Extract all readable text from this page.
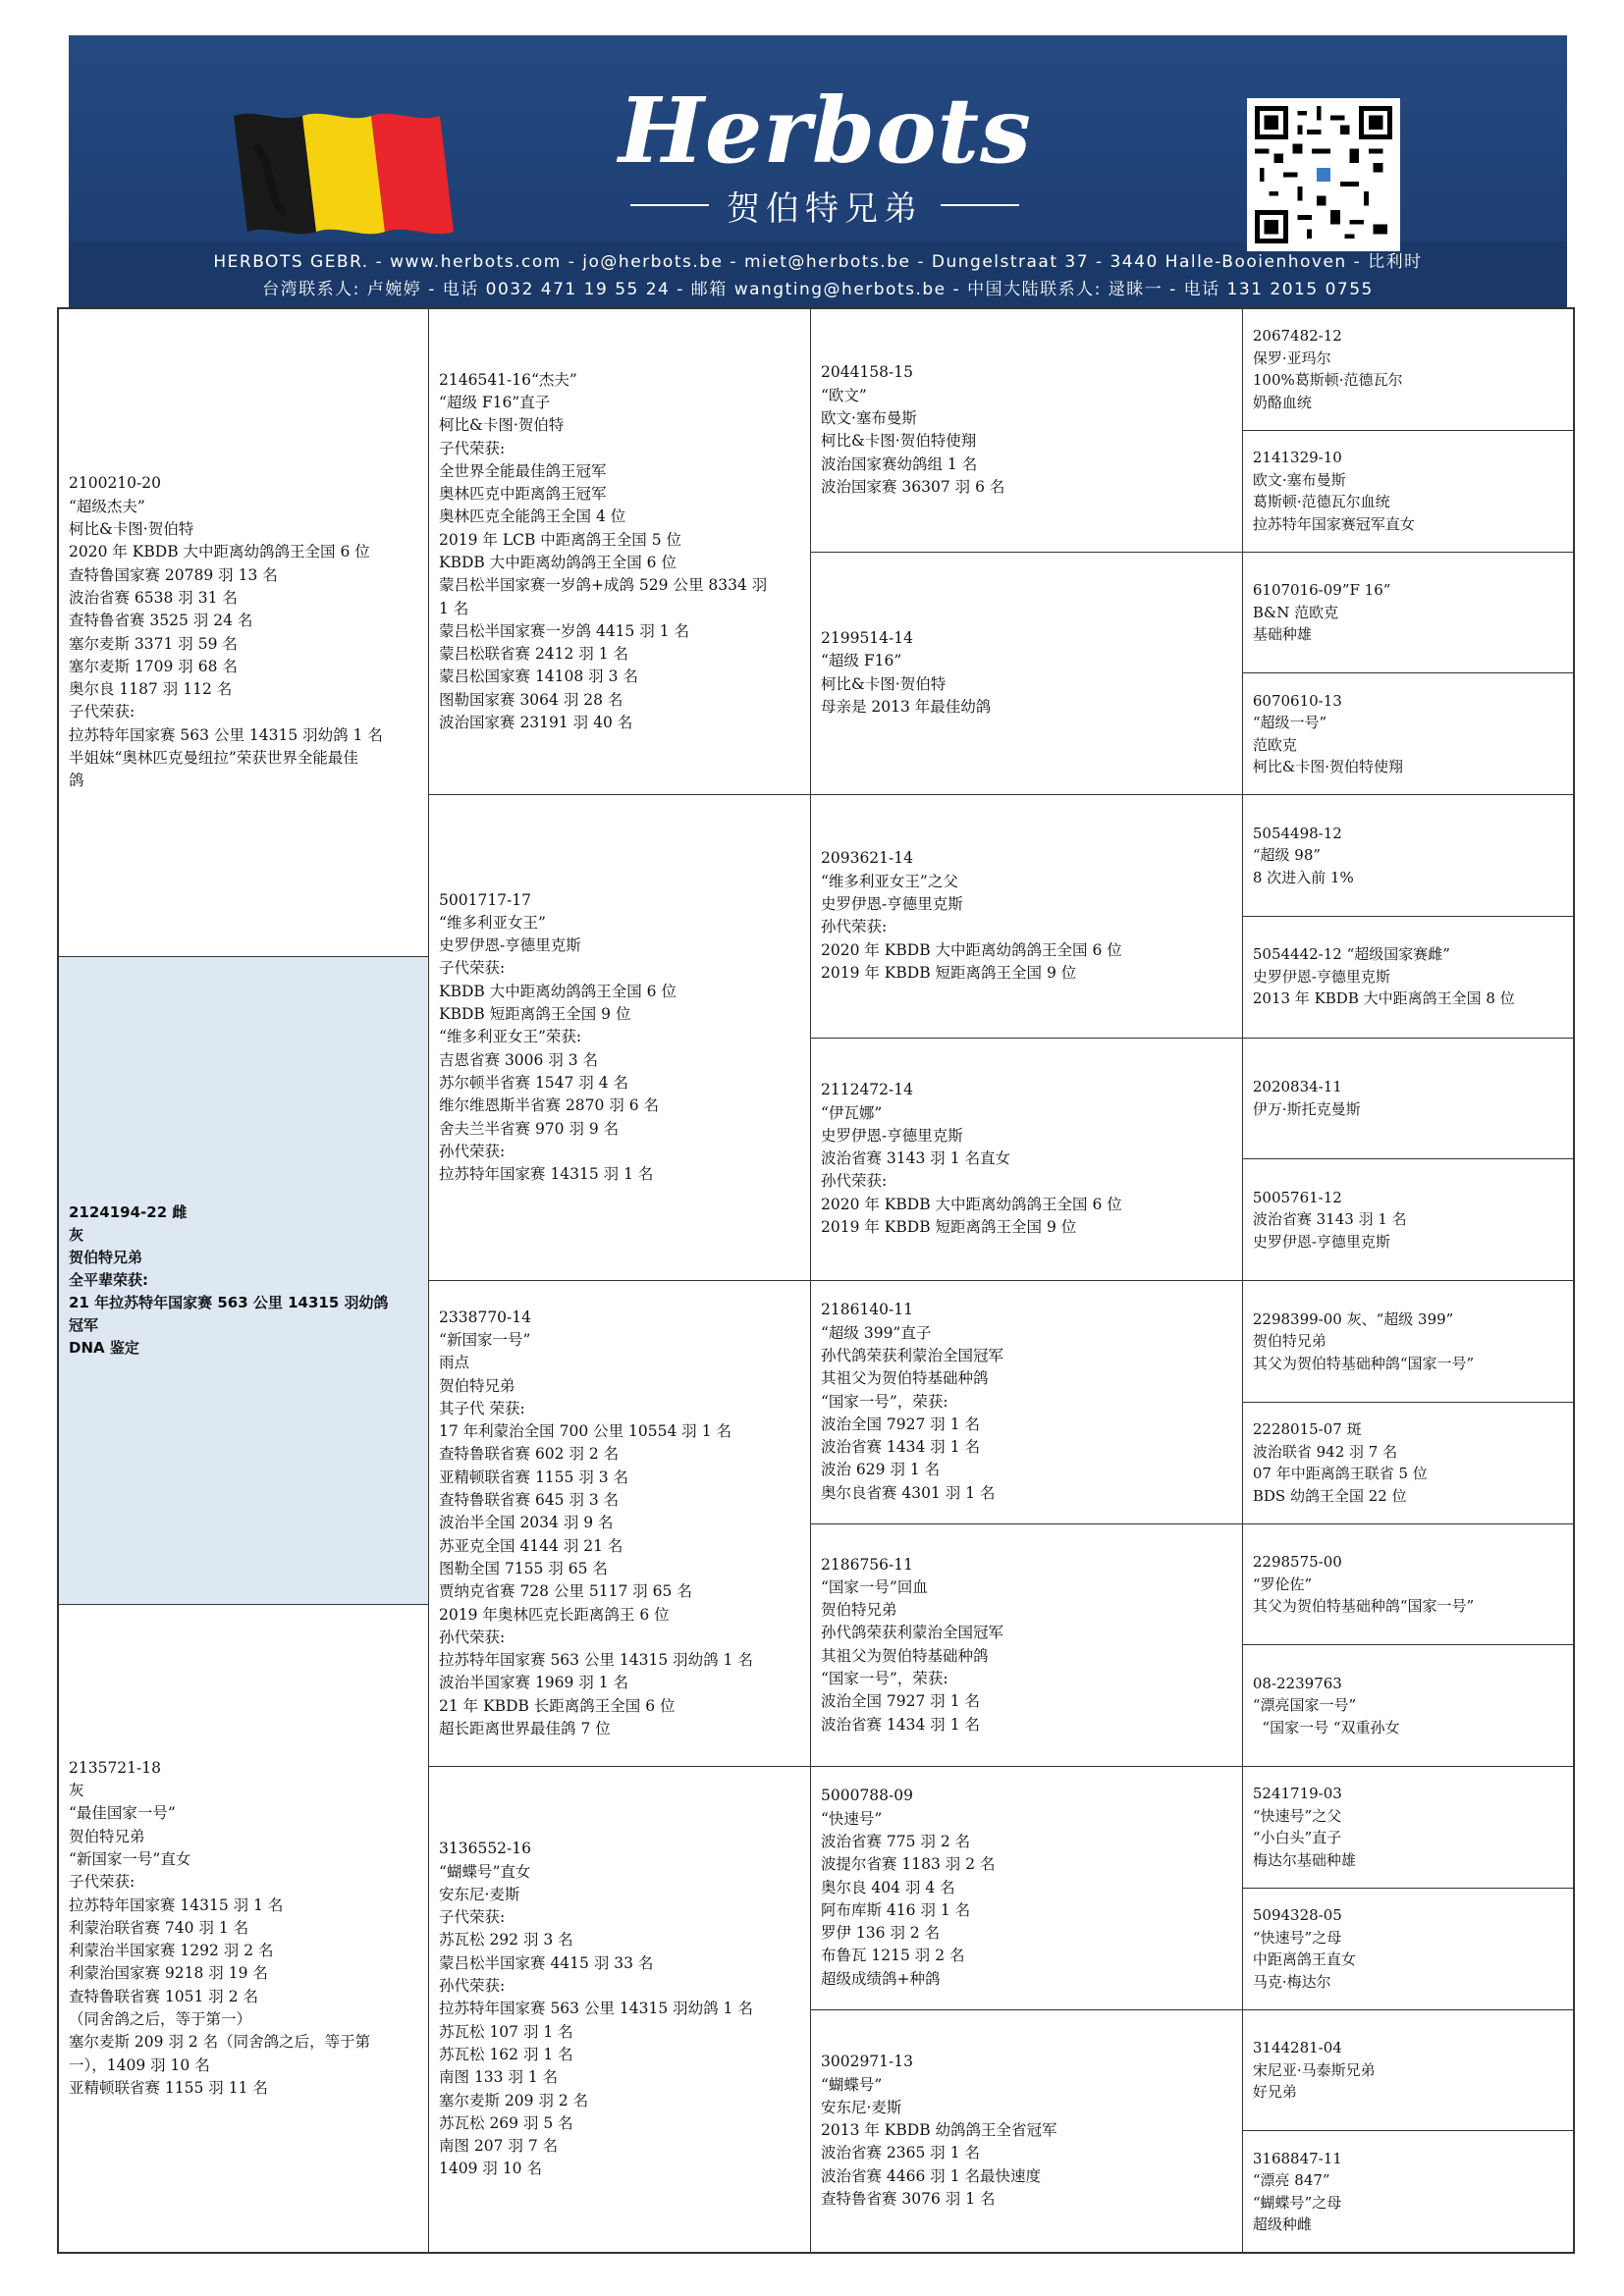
Herbots
贺伯特兄弟
HERBOTS GEBR. - www.herbots.com - jo@herbots.be - miet@herbots.be - Dungelstraat 37 - 3440 Halle-Booienhoven - 比利时
台湾联系人: 卢婉婷 - 电话 0032 471 19 55 24 - 邮箱 wangting@herbots.be - 中国大陆联系人: 逯睐一 - 电话 131 2015 0755
2100210-20
“超级杰夫”
柯比&卡图·贺伯特
2020 年 KBDB 大中距离幼鸽鸽王全国 6 位
查特鲁国家赛 20789 羽 13 名
波治省赛 6538 羽 31 名
查特鲁省赛 3525 羽 24 名
塞尔麦斯 3371 羽 59 名
塞尔麦斯 1709 羽 68 名
奥尔良 1187 羽 112 名
子代荣获:
拉苏特年国家赛 563 公里 14315 羽幼鸽 1 名
半姐妹“奥林匹克曼纽拉”荣获世界全能最佳
鸽
2124194-22 雌
灰
贺伯特兄弟
全平辈荣获:
21 年拉苏特年国家赛 563 公里 14315 羽幼鸽
冠军
DNA 鉴定
2135721-18
灰
“最佳国家一号”
贺伯特兄弟
“新国家一号”直女
子代荣获:
拉苏特年国家赛 14315 羽 1 名
利蒙治联省赛 740 羽 1 名
利蒙治半国家赛 1292 羽 2 名
利蒙治国家赛 9218 羽 19 名
查特鲁联省赛 1051 羽 2 名
（同舍鸽之后，等于第一）
塞尔麦斯 209 羽 2 名（同舍鸽之后，等于第
一），1409 羽 10 名
亚精顿联省赛 1155 羽 11 名
2146541-16“杰夫”
“超级 F16”直子
柯比&卡图·贺伯特
子代荣获:
全世界全能最佳鸽王冠军
奥林匹克中距离鸽王冠军
奥林匹克全能鸽王全国 4 位
2019 年 LCB 中距离鸽王全国 5 位
KBDB 大中距离幼鸽鸽王全国 6 位
蒙吕松半国家赛一岁鸽+成鸽 529 公里 8334 羽
1 名
蒙吕松半国家赛一岁鸽 4415 羽 1 名
蒙吕松联省赛 2412 羽 1 名
蒙吕松国家赛 14108 羽 3 名
图勒国家赛 3064 羽 28 名
波治国家赛 23191 羽 40 名
5001717-17
“维多利亚女王”
史罗伊恩-亨德里克斯
子代荣获:
KBDB 大中距离幼鸽鸽王全国 6 位
KBDB 短距离鸽王全国 9 位
“维多利亚女王”荣获:
吉恩省赛 3006 羽 3 名
苏尔顿半省赛 1547 羽 4 名
维尔维恩斯半省赛 2870 羽 6 名
舍夫兰半省赛 970 羽 9 名
孙代荣获:
拉苏特年国家赛 14315 羽 1 名
2338770-14
“新国家一号”
雨点
贺伯特兄弟
其子代 荣获:
17 年利蒙治全国 700 公里 10554 羽 1 名
查特鲁联省赛 602 羽 2 名
亚精顿联省赛 1155 羽 3 名
查特鲁联省赛 645 羽 3 名
波治半全国 2034 羽 9 名
苏亚克全国 4144 羽 21 名
图勒全国 7155 羽 65 名
贾纳克省赛 728 公里 5117 羽 65 名
2019 年奥林匹克长距离鸽王 6 位
孙代荣获:
拉苏特年国家赛 563 公里 14315 羽幼鸽 1 名
波治半国家赛 1969 羽 1 名
21 年 KBDB 长距离鸽王全国 6 位
超长距离世界最佳鸽 7 位
3136552-16
“蝴蝶号”直女
安东尼·麦斯
子代荣获:
苏瓦松 292 羽 3 名
蒙吕松半国家赛 4415 羽 33 名
孙代荣获:
拉苏特年国家赛 563 公里 14315 羽幼鸽 1 名
苏瓦松 107 羽 1 名
苏瓦松 162 羽 1 名
南图 133 羽 1 名
塞尔麦斯 209 羽 2 名
苏瓦松 269 羽 5 名
南图 207 羽 7 名
1409 羽 10 名
2044158-15
“欧文”
欧文·塞布曼斯
柯比&卡图·贺伯特使翔
波治国家赛幼鸽组 1 名
波治国家赛 36307 羽 6 名
2199514-14
“超级 F16”
柯比&卡图·贺伯特
母亲是 2013 年最佳幼鸽
2093621-14
“维多利亚女王”之父
史罗伊恩-亨德里克斯
孙代荣获:
2020 年 KBDB 大中距离幼鸽鸽王全国 6 位
2019 年 KBDB 短距离鸽王全国 9 位
2112472-14
“伊瓦娜”
史罗伊恩-亨德里克斯
波治省赛 3143 羽 1 名直女
孙代荣获:
2020 年 KBDB 大中距离幼鸽鸽王全国 6 位
2019 年 KBDB 短距离鸽王全国 9 位
2186140-11
“超级 399”直子
孙代鸽荣获利蒙治全国冠军
其祖父为贺伯特基础种鸽
“国家一号”，荣获:
波治全国 7927 羽 1 名
波治省赛 1434 羽 1 名
波治 629 羽 1 名
奥尔良省赛 4301 羽 1 名
2186756-11
“国家一号”回血
贺伯特兄弟
孙代鸽荣获利蒙治全国冠军
其祖父为贺伯特基础种鸽
“国家一号”，荣获:
波治全国 7927 羽 1 名
波治省赛 1434 羽 1 名
5000788-09
“快速号”
波治省赛 775 羽 2 名
波提尔省赛 1183 羽 2 名
奥尔良 404 羽 4 名
阿布库斯 416 羽 1 名
罗伊 136 羽 2 名
布鲁瓦 1215 羽 2 名
超级成绩鸽+种鸽
3002971-13
“蝴蝶号”
安东尼·麦斯
2013 年 KBDB 幼鸽鸽王全省冠军
波治省赛 2365 羽 1 名
波治省赛 4466 羽 1 名最快速度
查特鲁省赛 3076 羽 1 名
2067482-12
保罗·亚玛尔
100%葛斯顿·范德瓦尔
奶酪血统
2141329-10
欧文·塞布曼斯
葛斯顿·范德瓦尔血统
拉苏特年国家赛冠军直女
6107016-09”F 16”
B&N 范欧克
基础种雄
6070610-13
“超级一号”
范欧克
柯比&卡图·贺伯特使翔
5054498-12
“超级 98”
8 次进入前 1%
5054442-12 “超级国家赛雌”
史罗伊恩-亨德里克斯
2013 年 KBDB 大中距离鸽王全国 8 位
2020834-11
伊万·斯托克曼斯
5005761-12
波治省赛 3143 羽 1 名
史罗伊恩-亨德里克斯
2298399-00 灰、“超级 399”
贺伯特兄弟
其父为贺伯特基础种鸽“国家一号”
2228015-07 斑
波治联省 942 羽 7 名
07 年中距离鸽王联省 5 位
BDS 幼鸽王全国 22 位
2298575-00
“罗伦佐”
其父为贺伯特基础种鸽“国家一号”
08-2239763
“漂亮国家一号”
“国家一号 “双重孙女
5241719-03
“快速号”之父
“小白头”直子
梅达尔基础种雄
5094328-05
“快速号”之母
中距离鸽王直女
马克·梅达尔
3144281-04
宋尼亚·马泰斯兄弟
好兄弟
3168847-11
“漂亮 847”
“蝴蝶号”之母
超级种雌
